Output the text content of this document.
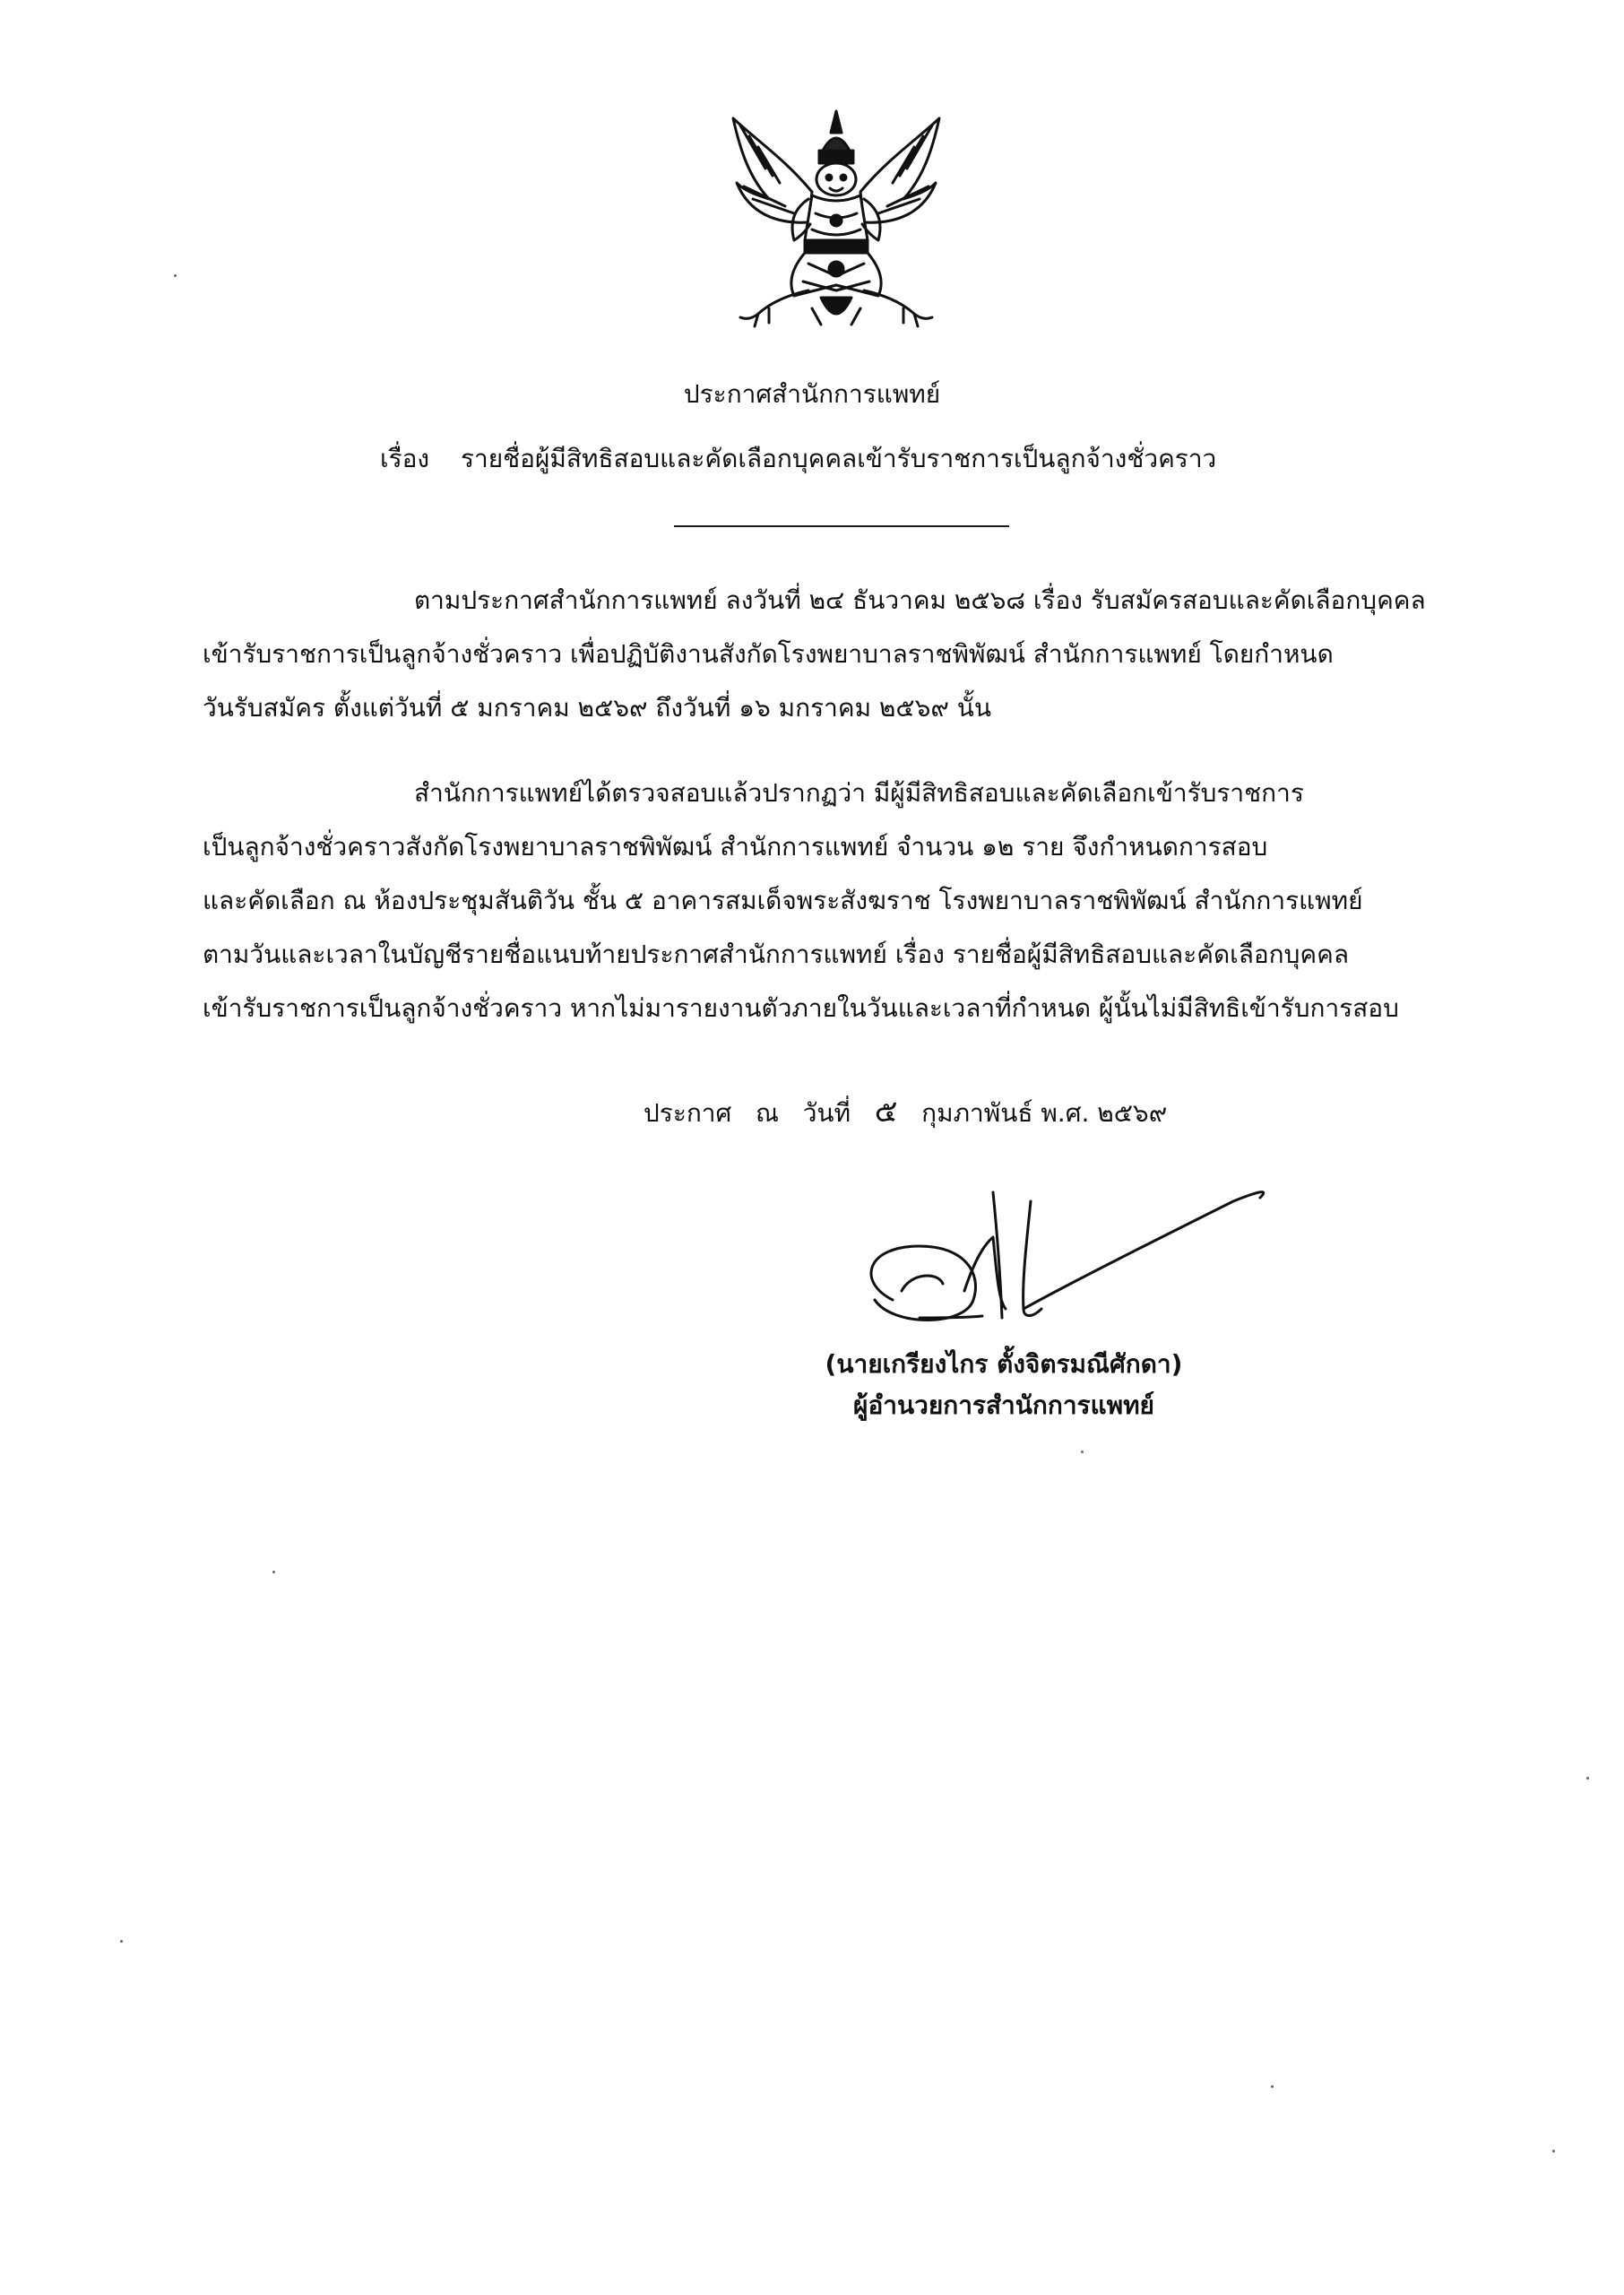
ประกาศสำนักการแพทย์
เรื่อง รายชื่อผู้มีสิทธิสอบและคัดเลือกบุคคลเข้ารับราชการเป็นลูกจ้างชั่วคราว
ตามประกาศสำนักการแพทย์ ลงวันที่ ๒๔ ธันวาคม ๒๕๖๘ เรื่อง รับสมัครสอบและคัดเลือกบุคคล
เข้ารับราชการเป็นลูกจ้างชั่วคราว เพื่อปฏิบัติงานสังกัดโรงพยาบาลราชพิพัฒน์ สำนักการแพทย์ โดยกำหนด
วันรับสมัคร ตั้งแต่วันที่ ๕ มกราคม ๒๕๖๙ ถึงวันที่ ๑๖ มกราคม ๒๕๖๙ นั้น
สำนักการแพทย์ได้ตรวจสอบแล้วปรากฏว่า มีผู้มีสิทธิสอบและคัดเลือกเข้ารับราชการ
เป็นลูกจ้างชั่วคราวสังกัดโรงพยาบาลราชพิพัฒน์ สำนักการแพทย์ จำนวน ๑๒ ราย จึงกำหนดการสอบ
และคัดเลือก ณ ห้องประชุมสันติวัน ชั้น ๕ อาคารสมเด็จพระสังฆราช โรงพยาบาลราชพิพัฒน์ สำนักการแพทย์
ตามวันและเวลาในบัญชีรายชื่อแนบท้ายประกาศสำนักการแพทย์ เรื่อง รายชื่อผู้มีสิทธิสอบและคัดเลือกบุคคล
เข้ารับราชการเป็นลูกจ้างชั่วคราว หากไม่มารายงานตัวภายในวันและเวลาที่กำหนด ผู้นั้นไม่มีสิทธิเข้ารับการสอบ
ประกาศ ณ วันที่ ๕ กุมภาพันธ์ พ.ศ. ๒๕๖๙
(นายเกรียงไกร ตั้งจิตรมณีศักดา)
ผู้อำนวยการสำนักการแพทย์
